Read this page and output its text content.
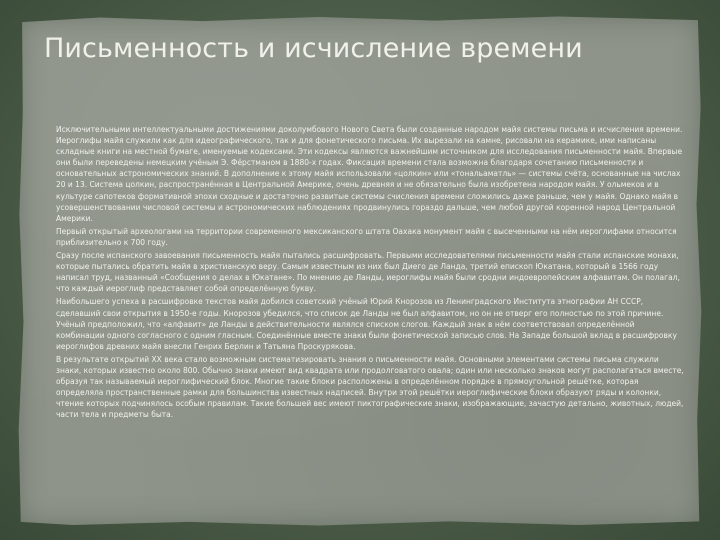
Письменность и исчисление времени
Исключительными интеллектуальными достижениями доколумбового Нового Света были созданные народом майя системы письма и исчисления времени. Иероглифы майя служили как для идеографического, так и для фонетического письма. Их вырезали на камне, рисовали на керамике, ими написаны складные книги на местной бумаге, именуемые кодексами. Эти кодексы являются важнейшим источником для исследования письменности майя. Впервые они были переведены немецким учёным Э. Фёрстманом в 1880-х годах. Фиксация времени стала возможна благодаря сочетанию письменности и основательных астрономических знаний. В дополнение к этому майя использовали «цолкин» или «тональаматль» — системы счёта, основанные на числах 20 и 13. Система цолкин, распространённая в Центральной Америке, очень древняя и не обязательно была изобретена народом майя. У ольмеков и в культуре сапотеков формативной эпохи сходные и достаточно развитые системы счисления времени сложились даже раньше, чем у майя. Однако майя в усовершенствовании числовой системы и астрономических наблюдениях продвинулись гораздо дальше, чем любой другой коренной народ Центральной Америки.
Первый открытый археологами на территории современного мексиканского штата Оахака монумент майя с высеченными на нём иероглифами относится приблизительно к 700 году.
Сразу после испанского завоевания письменность майя пытались расшифровать. Первыми исследователями письменности майя стали испанские монахи, которые пытались обратить майя в христианскую веру. Самым известным из них был Диего де Ланда, третий епископ Юкатана, который в 1566 году написал труд, названный «Сообщения о делах в Юкатане». По мнению де Ланды, иероглифы майя были сродни индоевропейским алфавитам. Он полагал, что каждый иероглиф представляет собой определённую букву.
Наибольшего успеха в расшифровке текстов майя добился советский учёный Юрий Кнорозов из Ленинградского Института этнографии АН СССР, сделавший свои открытия в 1950-е годы. Кнорозов убедился, что список де Ланды не был алфавитом, но он не отверг его полностью по этой причине. Учёный предположил, что «алфавит» де Ланды в действительности являлся списком слогов. Каждый знак в нём соответствовал определённой комбинации одного согласного с одним гласным. Соединённые вместе знаки были фонетической записью слов. На Западе большой вклад в расшифровку иероглифов древних майя внесли Генрих Берлин и Татьяна Проскурякова.
В результате открытий XX века стало возможным систематизировать знания о письменности майя. Основными элементами системы письма служили знаки, которых известно около 800. Обычно знаки имеют вид квадрата или продолговатого овала; один или несколько знаков могут располагаться вместе, образуя так называемый иероглифический блок. Многие такие блоки расположены в определённом порядке в прямоугольной решётке, которая определяла пространственные рамки для большинства известных надписей. Внутри этой решётки иероглифические блоки образуют ряды и колонки, чтение которых подчинялось особым правилам. Такие большей вес имеют пиктографические знаки, изображающие, зачастую детально, животных, людей, части тела и предметы быта.
